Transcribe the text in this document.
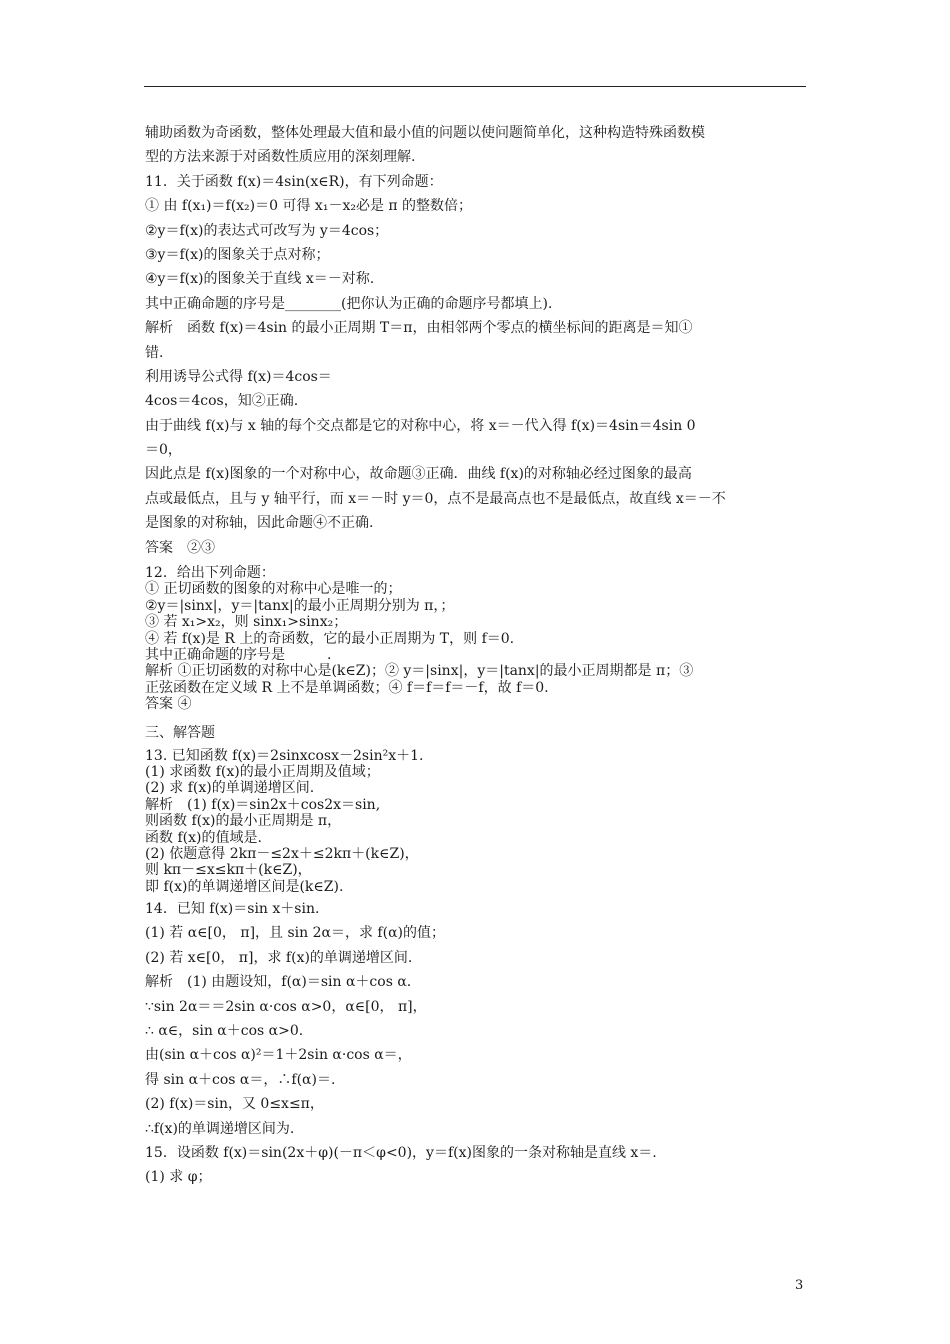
辅助函数为奇函数，整体处理最大值和最小值的问题以使问题简单化，这种构造特殊函数模

型的方法来源于对函数性质应用的深刻理解.

11．关于函数 f(x)＝4sin(x∈R)，有下列命题：

① 由 f(x₁)＝f(x₂)＝0 可得 x₁－x₂必是 π 的整数倍；

②y＝f(x)的表达式可改写为 y＝4cos；

③y＝f(x)的图象关于点对称；

④y＝f(x)的图象关于直线 x＝－对称.

其中正确命题的序号是________(把你认为正确的命题序号都填上).

解析　函数 f(x)＝4sin 的最小正周期 T＝π，由相邻两个零点的横坐标间的距离是＝知①

错.

利用诱导公式得 f(x)＝4cos＝

4cos＝4cos，知②正确.

由于曲线 f(x)与 x 轴的每个交点都是它的对称中心，将 x＝－代入得 f(x)＝4sin＝4sin 0

＝0，

因此点是 f(x)图象的一个对称中心，故命题③正确．曲线 f(x)的对称轴必经过图象的最高

点或最低点，且与 y 轴平行，而 x＝－时 y＝0，点不是最高点也不是最低点，故直线 x＝－不

是图象的对称轴，因此命题④不正确.

答案　②③

12．给出下列命题：

① 正切函数的图象的对称中心是唯一的；

②y＝|sinx|，y＝|tanx|的最小正周期分别为 π，；

③ 若 x₁>x₂，则 sinx₁>sinx₂；

④ 若 f(x)是 R 上的奇函数，它的最小正周期为 T，则 f＝0.

其中正确命题的序号是　　　.

解析 ①正切函数的对称中心是(k∈Z)；② y＝|sinx|，y＝|tanx|的最小正周期都是 π；③

正弦函数在定义域 R 上不是单调函数；④ f＝f＝f＝－f，故 f＝0.

答案 ④

三、解答题

13. 已知函数 f(x)＝2sinxcosx－2sin²x＋1.

(1) 求函数 f(x)的最小正周期及值域；

(2) 求 f(x)的单调递增区间.

解析　(1) f(x)＝sin2x＋cos2x＝sin,

则函数 f(x)的最小正周期是 π，

函数 f(x)的值域是.

(2) 依题意得 2kπ－≤2x＋≤2kπ＋(k∈Z)，

则 kπ－≤x≤kπ＋(k∈Z)，

即 f(x)的单调递增区间是(k∈Z).

14．已知 f(x)＝sin x＋sin.

(1) 若 α∈[0， π]，且 sin 2α＝，求 f(α)的值；

(2) 若 x∈[0， π]，求 f(x)的单调递增区间.

解析　(1) 由题设知，f(α)＝sin α＋cos α.

∵sin 2α＝＝2sin α·cos α>0，α∈[0， π]，

∴ α∈，sin α＋cos α>0.

由(sin α＋cos α)²＝1＋2sin α·cos α＝，

得 sin α＋cos α＝，∴f(α)＝.

(2) f(x)＝sin，又 0≤x≤π，

∴f(x)的单调递增区间为.

15．设函数 f(x)＝sin(2x＋φ)(－π＜φ<0)，y＝f(x)图象的一条对称轴是直线 x＝.

(1) 求 φ；

3
